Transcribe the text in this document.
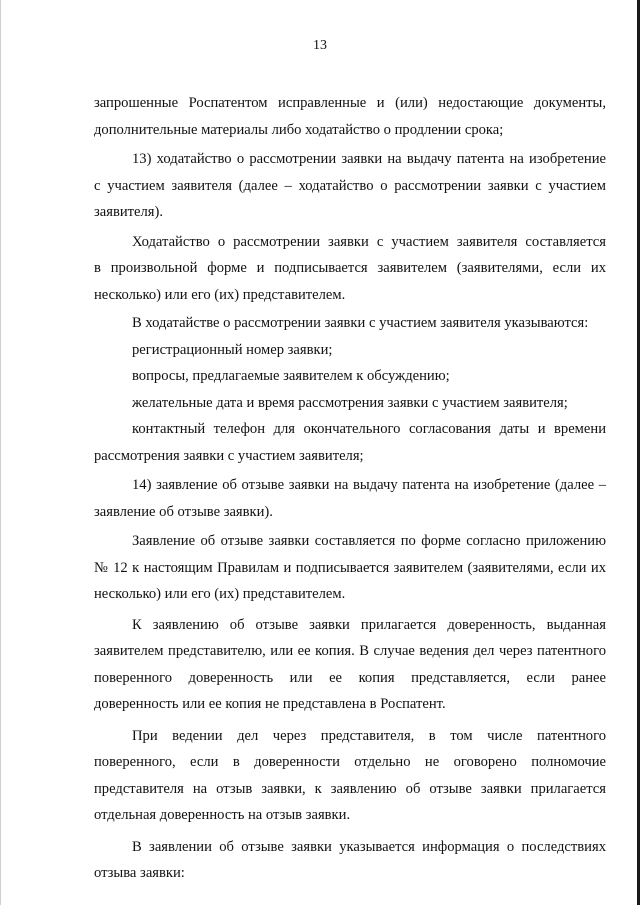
13
запрошенные Роспатентом исправленные и (или) недостающие документы,
дополнительные материалы либо ходатайство о продлении срока;
13) ходатайство о рассмотрении заявки на выдачу патента на изобретение
с участием заявителя (далее – ходатайство о рассмотрении заявки с участием
заявителя).
Ходатайство о рассмотрении заявки с участием заявителя составляется
в произвольной форме и подписывается заявителем (заявителями, если их
несколько) или его (их) представителем.
В ходатайстве о рассмотрении заявки с участием заявителя указываются:
регистрационный номер заявки;
вопросы, предлагаемые заявителем к обсуждению;
желательные дата и время рассмотрения заявки с участием заявителя;
контактный телефон для окончательного согласования даты и времени
рассмотрения заявки с участием заявителя;
14) заявление об отзыве заявки на выдачу патента на изобретение (далее –
заявление об отзыве заявки).
Заявление об отзыве заявки составляется по форме согласно приложению
№ 12 к настоящим Правилам и подписывается заявителем (заявителями, если их
несколько) или его (их) представителем.
К заявлению об отзыве заявки прилагается доверенность, выданная
заявителем представителю, или ее копия. В случае ведения дел через патентного
поверенного доверенность или ее копия представляется, если ранее
доверенность или ее копия не представлена в Роспатент.
При ведении дел через представителя, в том числе патентного
поверенного, если в доверенности отдельно не оговорено полномочие
представителя на отзыв заявки, к заявлению об отзыве заявки прилагается
отдельная доверенность на отзыв заявки.
В заявлении об отзыве заявки указывается информация о последствиях
отзыва заявки:
